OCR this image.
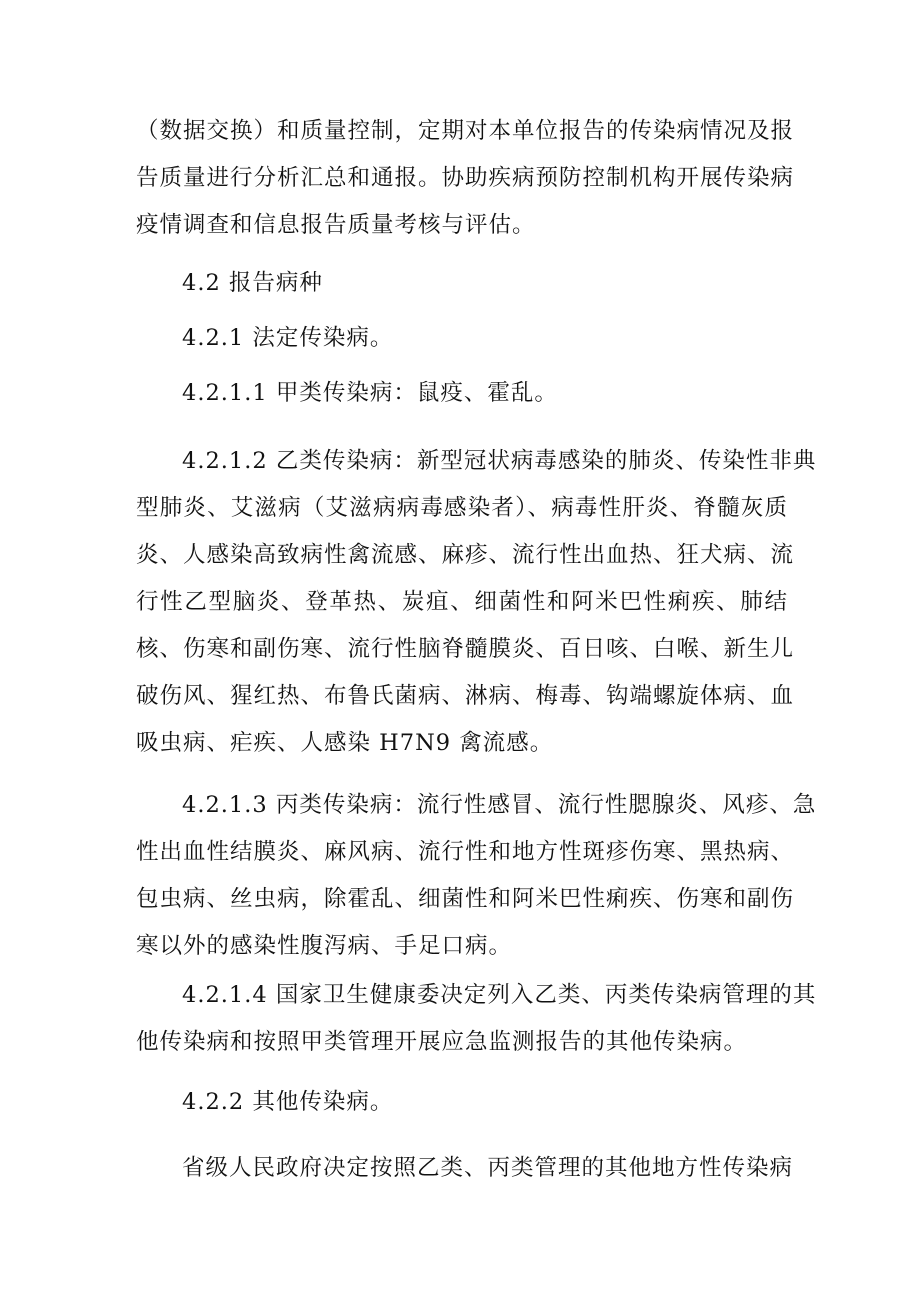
（数据交换）和质量控制，定期对本单位报告的传染病情况及报
告质量进行分析汇总和通报。协助疾病预防控制机构开展传染病
疫情调查和信息报告质量考核与评估。

4.2 报告病种

4.2.1 法定传染病。

4.2.1.1 甲类传染病：鼠疫、霍乱。

4.2.1.2 乙类传染病：新型冠状病毒感染的肺炎、传染性非典
型肺炎、艾滋病（艾滋病病毒感染者）、病毒性肝炎、脊髓灰质
炎、人感染高致病性禽流感、麻疹、流行性出血热、狂犬病、流
行性乙型脑炎、登革热、炭疽、细菌性和阿米巴性痢疾、肺结
核、伤寒和副伤寒、流行性脑脊髓膜炎、百日咳、白喉、新生儿
破伤风、猩红热、布鲁氏菌病、淋病、梅毒、钩端螺旋体病、血
吸虫病、疟疾、人感染 H7N9 禽流感。

4.2.1.3 丙类传染病：流行性感冒、流行性腮腺炎、风疹、急
性出血性结膜炎、麻风病、流行性和地方性斑疹伤寒、黑热病、
包虫病、丝虫病，除霍乱、细菌性和阿米巴性痢疾、伤寒和副伤
寒以外的感染性腹泻病、手足口病。

4.2.1.4 国家卫生健康委决定列入乙类、丙类传染病管理的其
他传染病和按照甲类管理开展应急监测报告的其他传染病。

4.2.2 其他传染病。

省级人民政府决定按照乙类、丙类管理的其他地方性传染病
